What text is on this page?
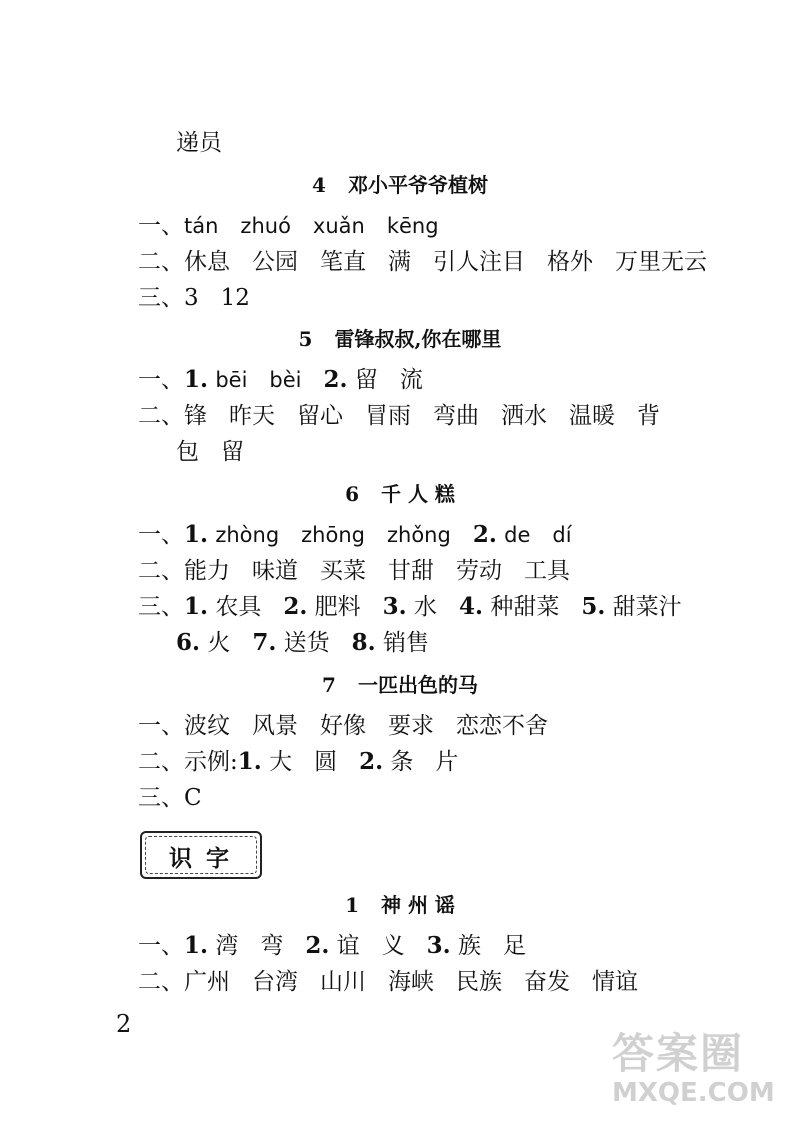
递员
4 邓小平爷爷植树
一、tán zhuó xuǎn kēng
二、休息 公园 笔直 满 引人注目 格外 万里无云
三、3 12
5 雷锋叔叔,你在哪里
一、1. bēi bèi 2. 留 流
二、锋 昨天 留心 冒雨 弯曲 洒水 温暖 背
包 留
6 千 人 糕
一、1. zhòng zhōng zhǒng 2. de dí
二、能力 味道 买菜 甘甜 劳动 工具
三、1. 农具 2. 肥料 3. 水 4. 种甜菜 5. 甜菜汁
6. 火 7. 送货 8. 销售
7 一匹出色的马
一、波纹 风景 好像 要求 恋恋不舍
二、示例:1. 大 圆 2. 条 片
三、C
识字
1 神 州 谣
一、1. 湾 弯 2. 谊 义 3. 族 足
二、广州 台湾 山川 海峡 民族 奋发 情谊
2
答案圈
MXQE.COM
